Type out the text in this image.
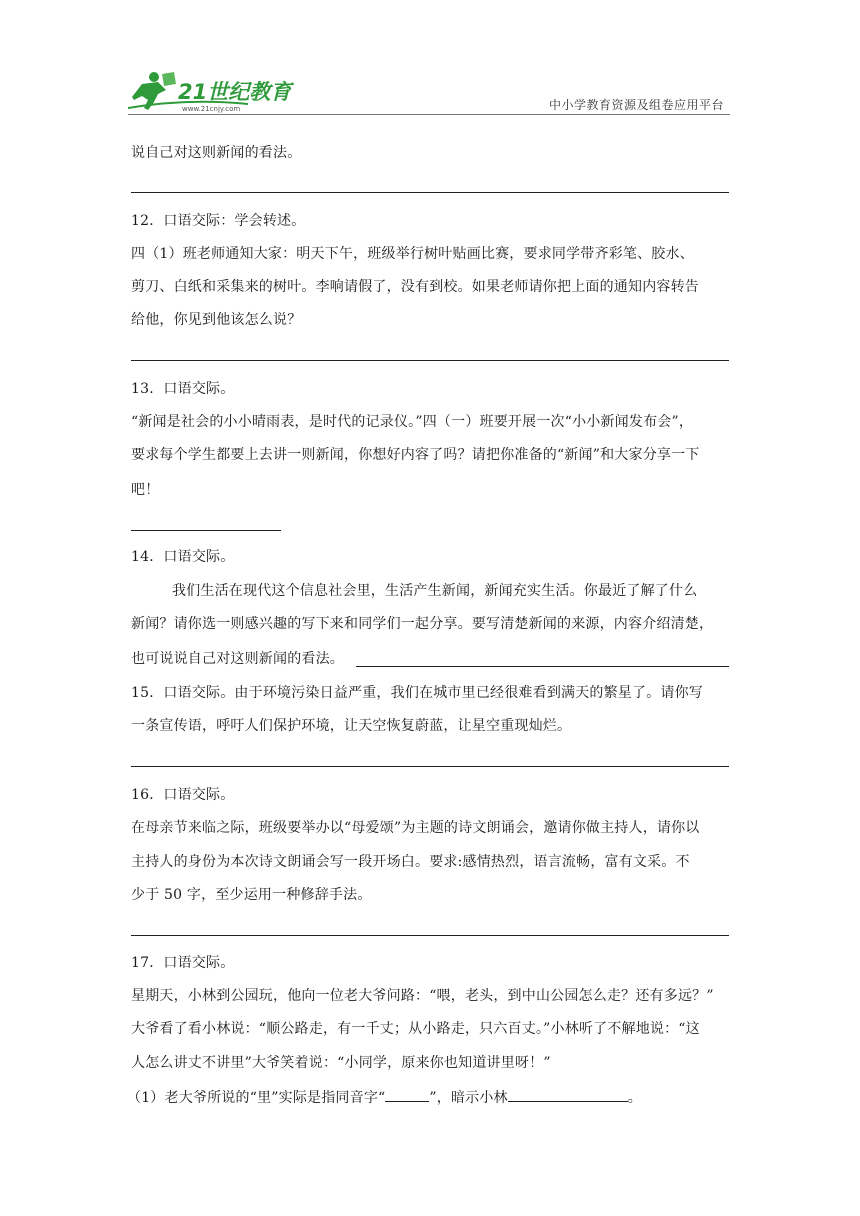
21世纪教育
www.21cnjy.com	中小学教育资源及组卷应用平台
说自己对这则新闻的看法。
12．口语交际：学会转述。
四（1）班老师通知大家：明天下午，班级举行树叶贴画比赛，要求同学带齐彩笔、胶水、
剪刀、白纸和采集来的树叶。李响请假了，没有到校。如果老师请你把上面的通知内容转告
给他，你见到他该怎么说？
13．口语交际。
“新闻是社会的小小晴雨表，是时代的记录仪。”四（一）班要开展一次“小小新闻发布会”，
要求每个学生都要上去讲一则新闻，你想好内容了吗？请把你准备的“新闻”和大家分享一下
吧！
14．口语交际。
我们生活在现代这个信息社会里，生活产生新闻，新闻充实生活。你最近了解了什么
新闻？请你选一则感兴趣的写下来和同学们一起分享。要写清楚新闻的来源，内容介绍清楚，
也可说说自己对这则新闻的看法。
15．口语交际。由于环境污染日益严重，我们在城市里已经很难看到满天的繁星了。请你写
一条宣传语，呼吁人们保护环境，让天空恢复蔚蓝，让星空重现灿烂。
16．口语交际。
在母亲节来临之际，班级要举办以“母爱颂”为主题的诗文朗诵会，邀请你做主持人，请你以
主持人的身份为本次诗文朗诵会写一段开场白。要求:感情热烈，语言流畅，富有文采。不
少于 50 字，至少运用一种修辞手法。
17．口语交际。
星期天，小林到公园玩，他向一位老大爷问路：“喂，老头，到中山公园怎么走？还有多远？”
大爷看了看小林说：“顺公路走，有一千丈；从小路走，只六百丈。”小林听了不解地说：“这
人怎么讲丈不讲里”大爷笑着说：“小同学，原来你也知道讲里呀！”
（1）老大爷所说的“里”实际是指同音字“	”，暗示小林	。
